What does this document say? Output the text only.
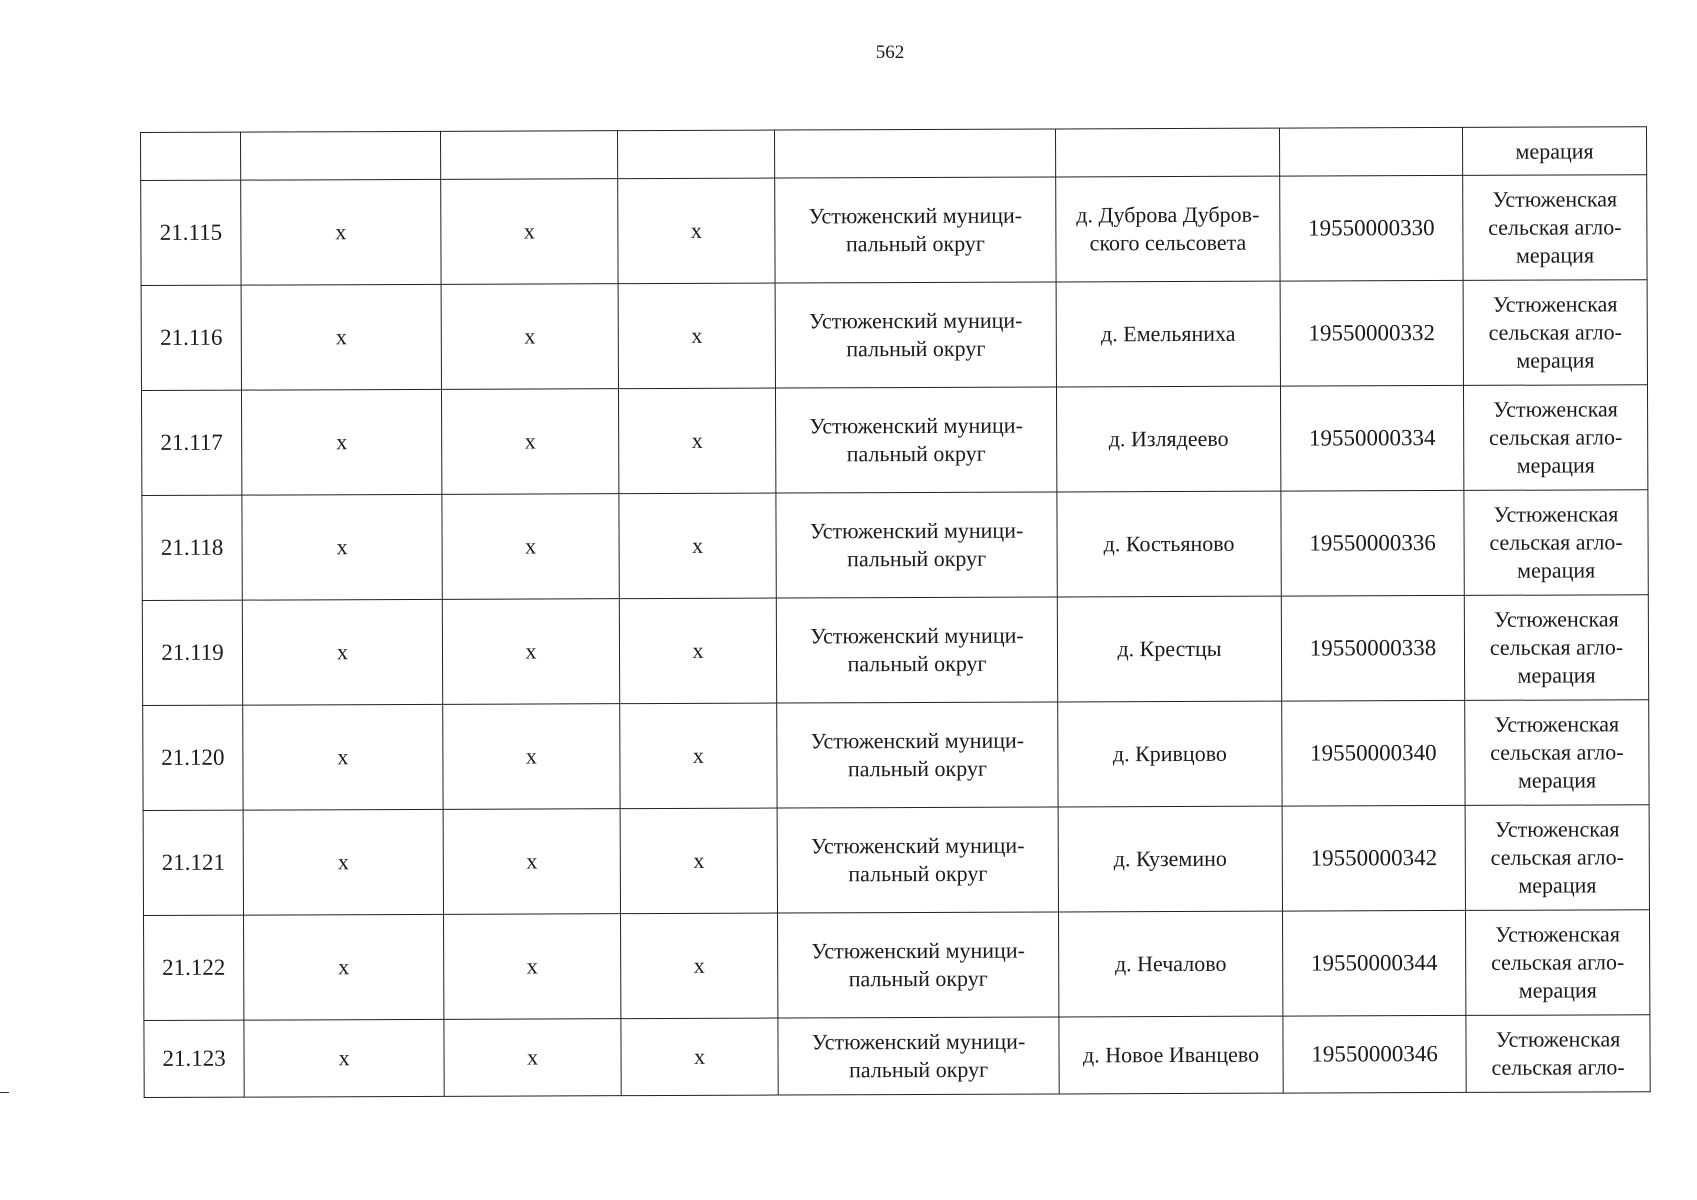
562
							мерация
21.115	x	x	x	Устюженский муници-
пальный округ	д. Дуброва Дубров-
ского сельсовета	19550000330	Устюженская
сельская агло-
мерация

21.116	x	x	x	Устюженский муници-
пальный округ	д. Емельяниха	19550000332	Устюженская
сельская агло-
мерация

21.117	x	x	x	Устюженский муници-
пальный округ	д. Излядеево	19550000334	Устюженская
сельская агло-
мерация

21.118	x	x	x	Устюженский муници-
пальный округ	д. Костьяново	19550000336	Устюженская
сельская агло-
мерация

21.119	x	x	x	Устюженский муници-
пальный округ	д. Крестцы	19550000338	Устюженская
сельская агло-
мерация

21.120	x	x	x	Устюженский муници-
пальный округ	д. Кривцово	19550000340	Устюженская
сельская агло-
мерация

21.121	x	x	x	Устюженский муници-
пальный округ	д. Куземино	19550000342	Устюженская
сельская агло-
мерация

21.122	x	x	x	Устюженский муници-
пальный округ	д. Нечалово	19550000344	Устюженская
сельская агло-
мерация

21.123	x	x	x	Устюженский муници-
пальный округ	д. Новое Иванцево	19550000346	Устюженская
сельская агло-
